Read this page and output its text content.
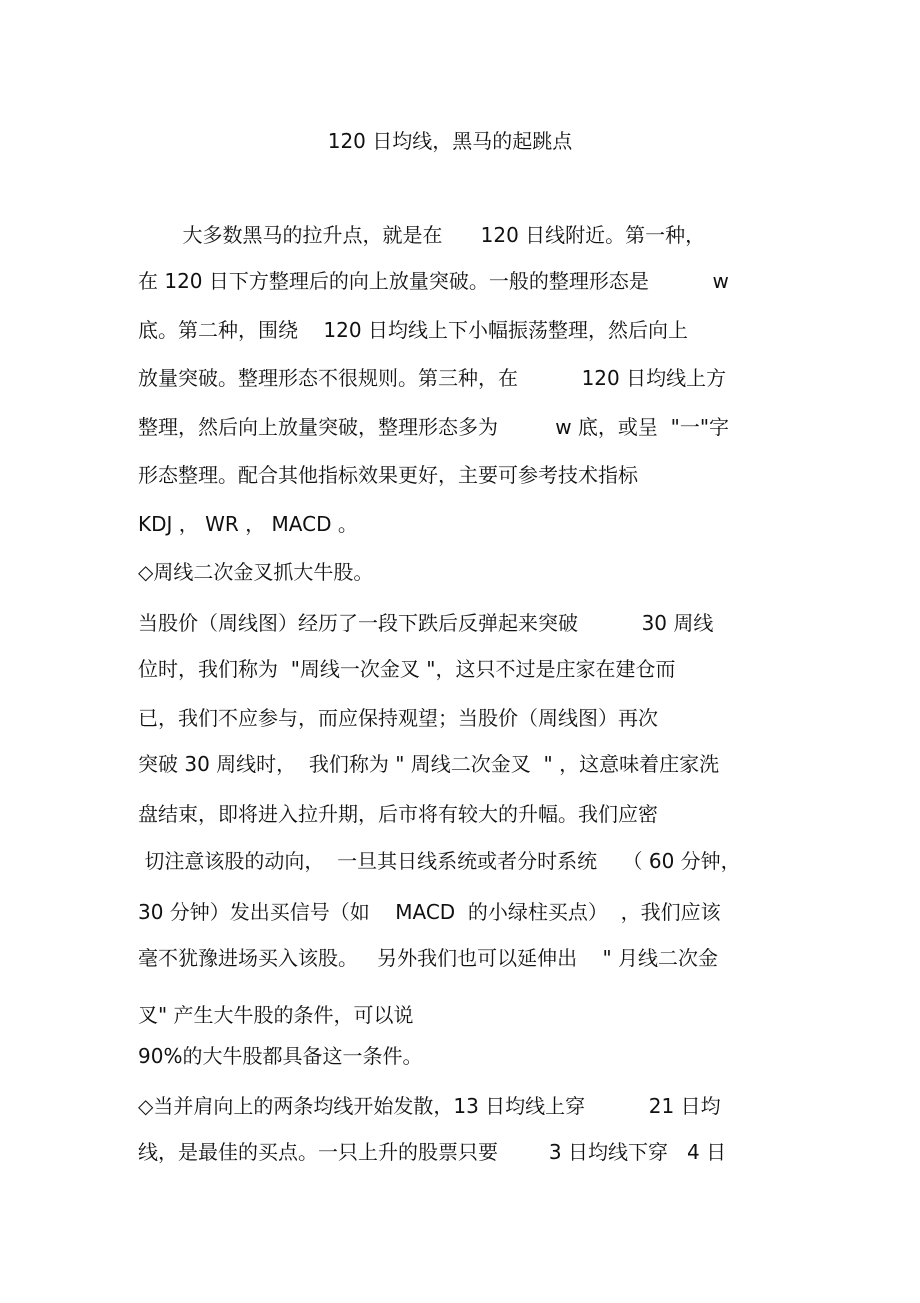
120 日均线，黑马的起跳点
大多数黑马的拉升点，就是在      120 日线附近。第一种，
在 120 日下方整理后的向上放量突破。一般的整理形态是          w
底。第二种，围绕    120 日均线上下小幅振荡整理，然后向上
放量突破。整理形态不很规则。第三种，在          120 日均线上方
整理，然后向上放量突破，整理形态多为         w 底，或呈  "一"字
形态整理。配合其他指标效果更好，主要可参考技术指标
KDJ ， WR ， MACD 。
◇周线二次金叉抓大牛股。
当股价（周线图）经历了一段下跌后反弹起来突破          30 周线
位时，我们称为  "周线一次金叉 "，这只不过是庄家在建仓而
已，我们不应参与，而应保持观望；当股价（周线图）再次
突破 30 周线时，  我们称为 " 周线二次金叉  " ，这意味着庄家洗
盘结束，即将进入拉升期，后市将有较大的升幅。我们应密
切注意该股的动向，  一旦其日线系统或者分时系统    （ 60 分钟，
30 分钟）发出买信号（如    MACD  的小绿柱买点）  ，我们应该
毫不犹豫进场买入该股。   另外我们也可以延伸出    " 月线二次金
叉" 产生大牛股的条件，可以说
90%的大牛股都具备这一条件。
◇当并肩向上的两条均线开始发散，13 日均线上穿          21 日均
线，是最佳的买点。一只上升的股票只要        3 日均线下穿   4 日
